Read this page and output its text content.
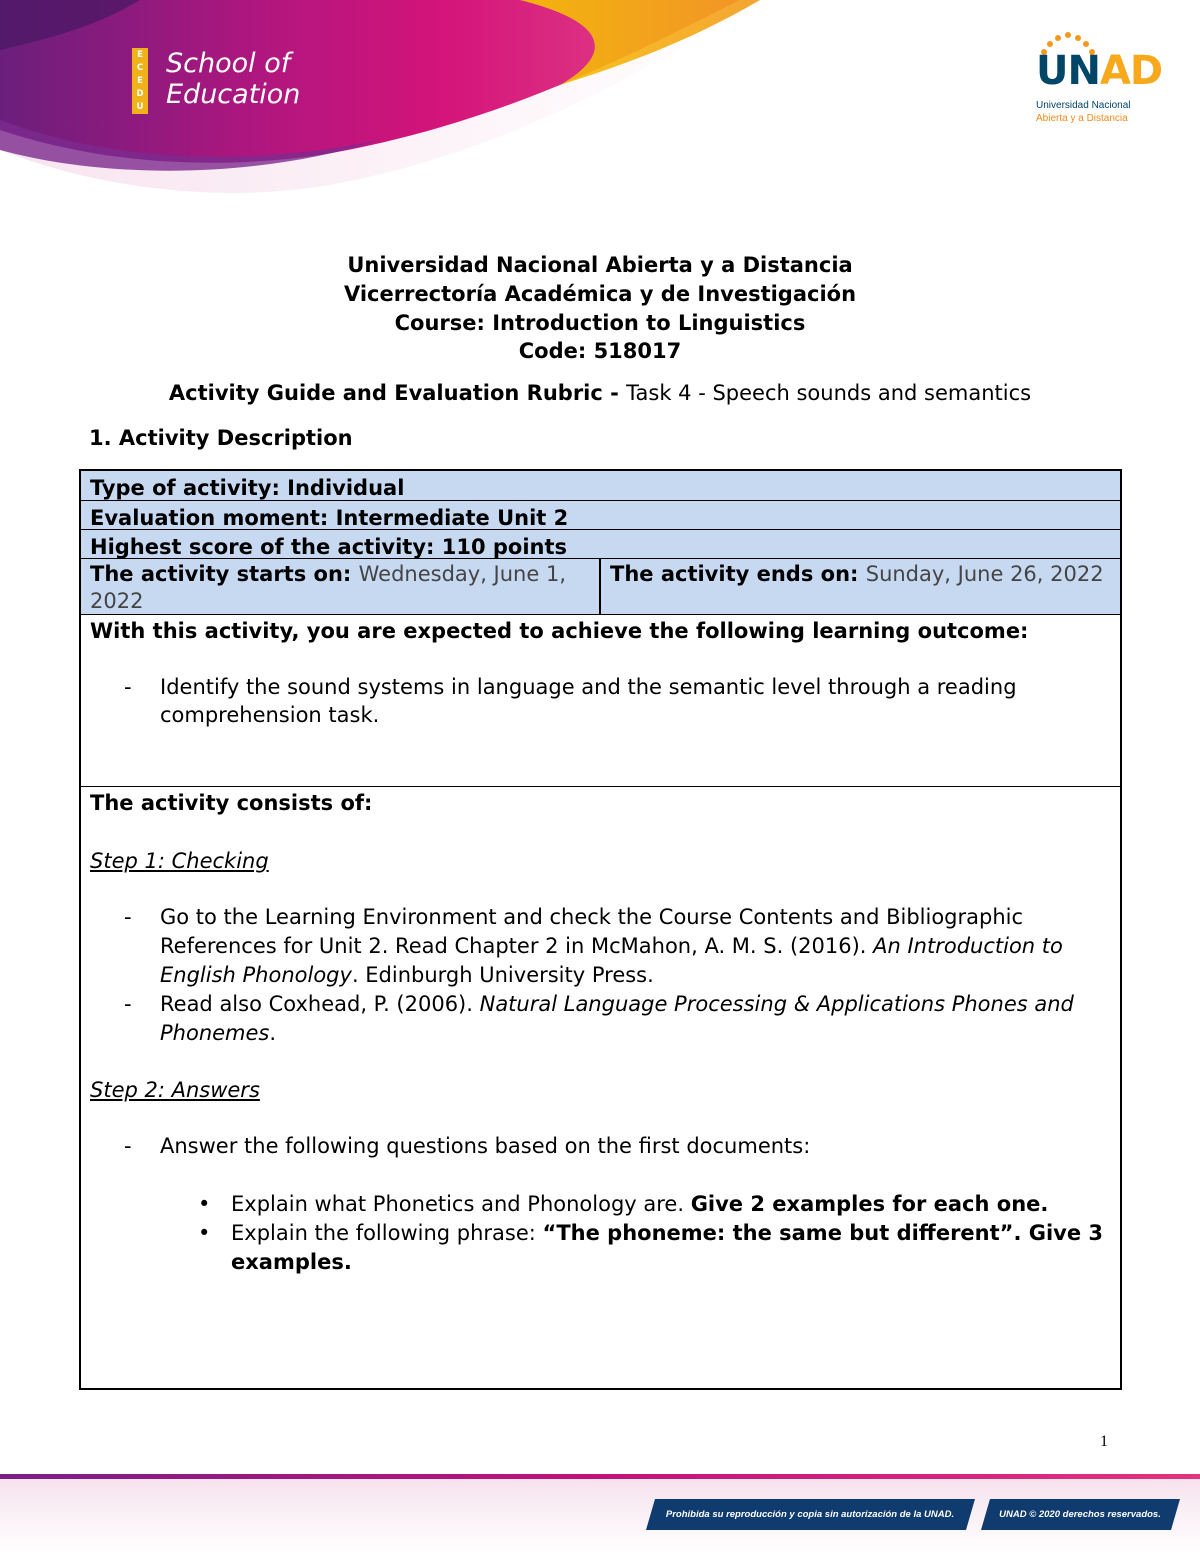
E
C
E
D
U
School of
Education
UNAD
Universidad Nacional
Abierta y a Distancia
Universidad Nacional Abierta y a Distancia
Vicerrectoría Académica y de Investigación
Course: Introduction to Linguistics
Code: 518017
Activity Guide and Evaluation Rubric - Task 4 - Speech sounds and semantics
1. Activity Description
Type of activity: Individual
Evaluation moment: Intermediate Unit 2
Highest score of the activity: 110 points
The activity starts on: Wednesday, June 1, 2022
The activity ends on: Sunday, June 26, 2022

With this activity, you are expected to achieve the following learning outcome:

- Identify the sound systems in language and the semantic level through a reading comprehension task.

The activity consists of:

Step 1: Checking

- Go to the Learning Environment and check the Course Contents and Bibliographic References for Unit 2. Read Chapter 2 in McMahon, A. M. S. (2016). An Introduction to English Phonology. Edinburgh University Press.
- Read also Coxhead, P. (2006). Natural Language Processing & Applications Phones and Phonemes.

Step 2: Answers

- Answer the following questions based on the first documents:
• Explain what Phonetics and Phonology are. Give 2 examples for each one.
• Explain the following phrase: “The phoneme: the same but different”. Give 3 examples.
1
Prohibida su reproducción y copia sin autorización de la UNAD.	UNAD © 2020 derechos reservados.
